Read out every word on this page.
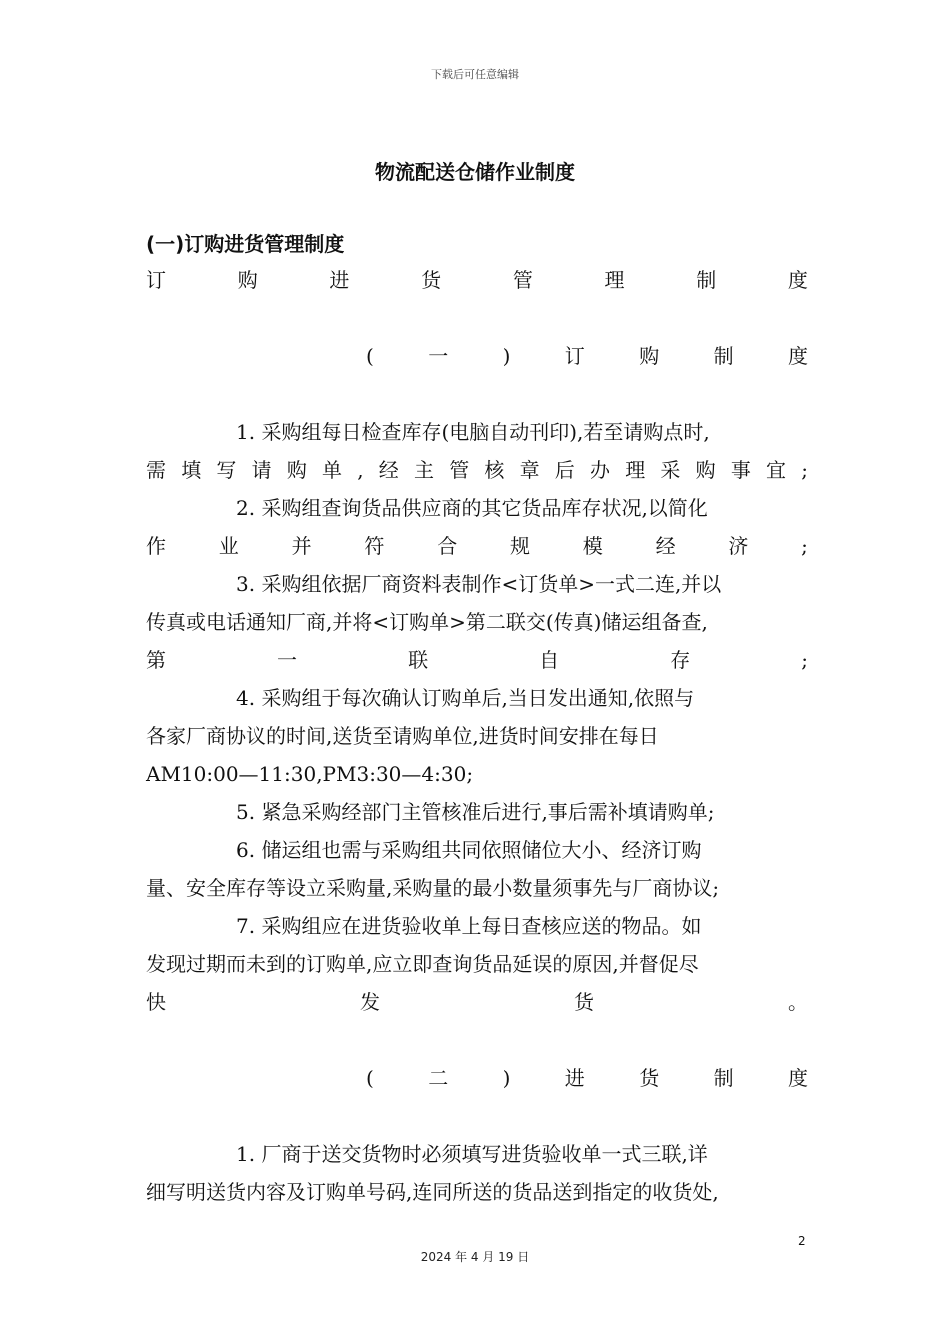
下载后可任意编辑
物流配送仓储作业制度
(一)订购进货管理制度
订	购	进	货	管	理	制	度
(	一	)	订	购	制	度
1. 采购组每日检查库存(电脑自动刊印),若至请购点时,
需 填 写 请 购 单 , 经 主 管 核 章 后 办 理 采 购 事 宜 ;
2. 采购组查询货品供应商的其它货品库存状况,以简化
作	业	并	符	合	规	模	经	济	;
3. 采购组依据厂商资料表制作<订货单>一式二连,并以
传真或电话通知厂商,并将<订购单>第二联交(传真)储运组备查,
第	一	联	自	存	;
4. 采购组于每次确认订购单后,当日发出通知,依照与
各家厂商协议的时间,送货至请购单位,进货时间安排在每日
AM10:00—11:30,PM3:30—4:30;
5. 紧急采购经部门主管核准后进行,事后需补填请购单;
6. 储运组也需与采购组共同依照储位大小、经济订购
量、安全库存等设立采购量,采购量的最小数量须事先与厂商协议;
7. 采购组应在进货验收单上每日查核应送的物品。如
发现过期而未到的订购单,应立即查询货品延误的原因,并督促尽
快	发	货	。
(	二	)	进	货	制	度
1. 厂商于送交货物时必须填写进货验收单一式三联,详
细写明送货内容及订购单号码,连同所送的货品送到指定的收货处,
2
2024 年 4 月 19 日
